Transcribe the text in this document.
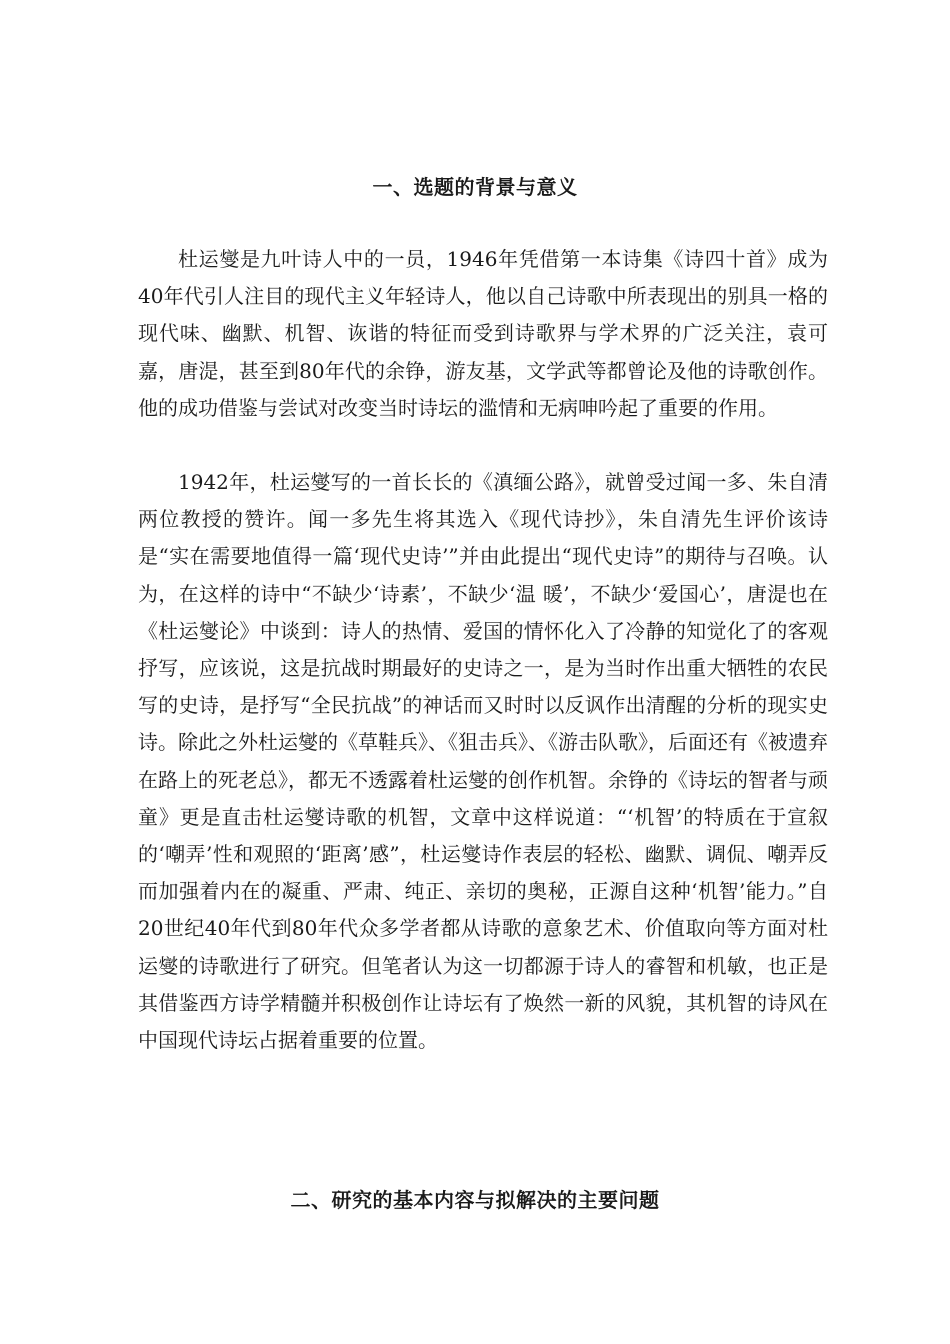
一、选题的背景与意义

杜运燮是九叶诗人中的一员，1946年凭借第一本诗集《诗四十首》成为40年代引人注目的现代主义年轻诗人，他以自己诗歌中所表现出的别具一格的现代味、幽默、机智、诙谐的特征而受到诗歌界与学术界的广泛关注，袁可嘉，唐湜，甚至到80年代的余铮，游友基，文学武等都曾论及他的诗歌创作。他的成功借鉴与尝试对改变当时诗坛的滥情和无病呻吟起了重要的作用。

1942年，杜运燮写的一首长长的《滇缅公路》，就曾受过闻一多、朱自清两位教授的赞许。闻一多先生将其选入《现代诗抄》，朱自清先生评价该诗是“实在需要地值得一篇‘现代史诗’”并由此提出“现代史诗”的期待与召唤。认为，在这样的诗中“不缺少‘诗素’，不缺少‘温 暖’，不缺少‘爱国心’，唐湜也在《杜运燮论》中谈到：诗人的热情、爱国的情怀化入了冷静的知觉化了的客观抒写，应该说，这是抗战时期最好的史诗之一，是为当时作出重大牺牲的农民写的史诗，是抒写“全民抗战”的神话而又时时以反讽作出清醒的分析的现实史诗。除此之外杜运燮的《草鞋兵》、《狙击兵》、《游击队歌》，后面还有《被遗弃在路上的死老总》，都无不透露着杜运燮的创作机智。余铮的《诗坛的智者与顽童》更是直击杜运燮诗歌的机智，文章中这样说道：“‘机智’的特质在于宣叙的‘嘲弄’性和观照的‘距离’感”，杜运燮诗作表层的轻松、幽默、调侃、嘲弄反而加强着内在的凝重、严肃、纯正、亲切的奥秘，正源自这种‘机智’能力。”自20世纪40年代到80年代众多学者都从诗歌的意象艺术、价值取向等方面对杜运燮的诗歌进行了研究。但笔者认为这一切都源于诗人的睿智和机敏，也正是其借鉴西方诗学精髓并积极创作让诗坛有了焕然一新的风貌，其机智的诗风在中国现代诗坛占据着重要的位置。

二、研究的基本内容与拟解决的主要问题
